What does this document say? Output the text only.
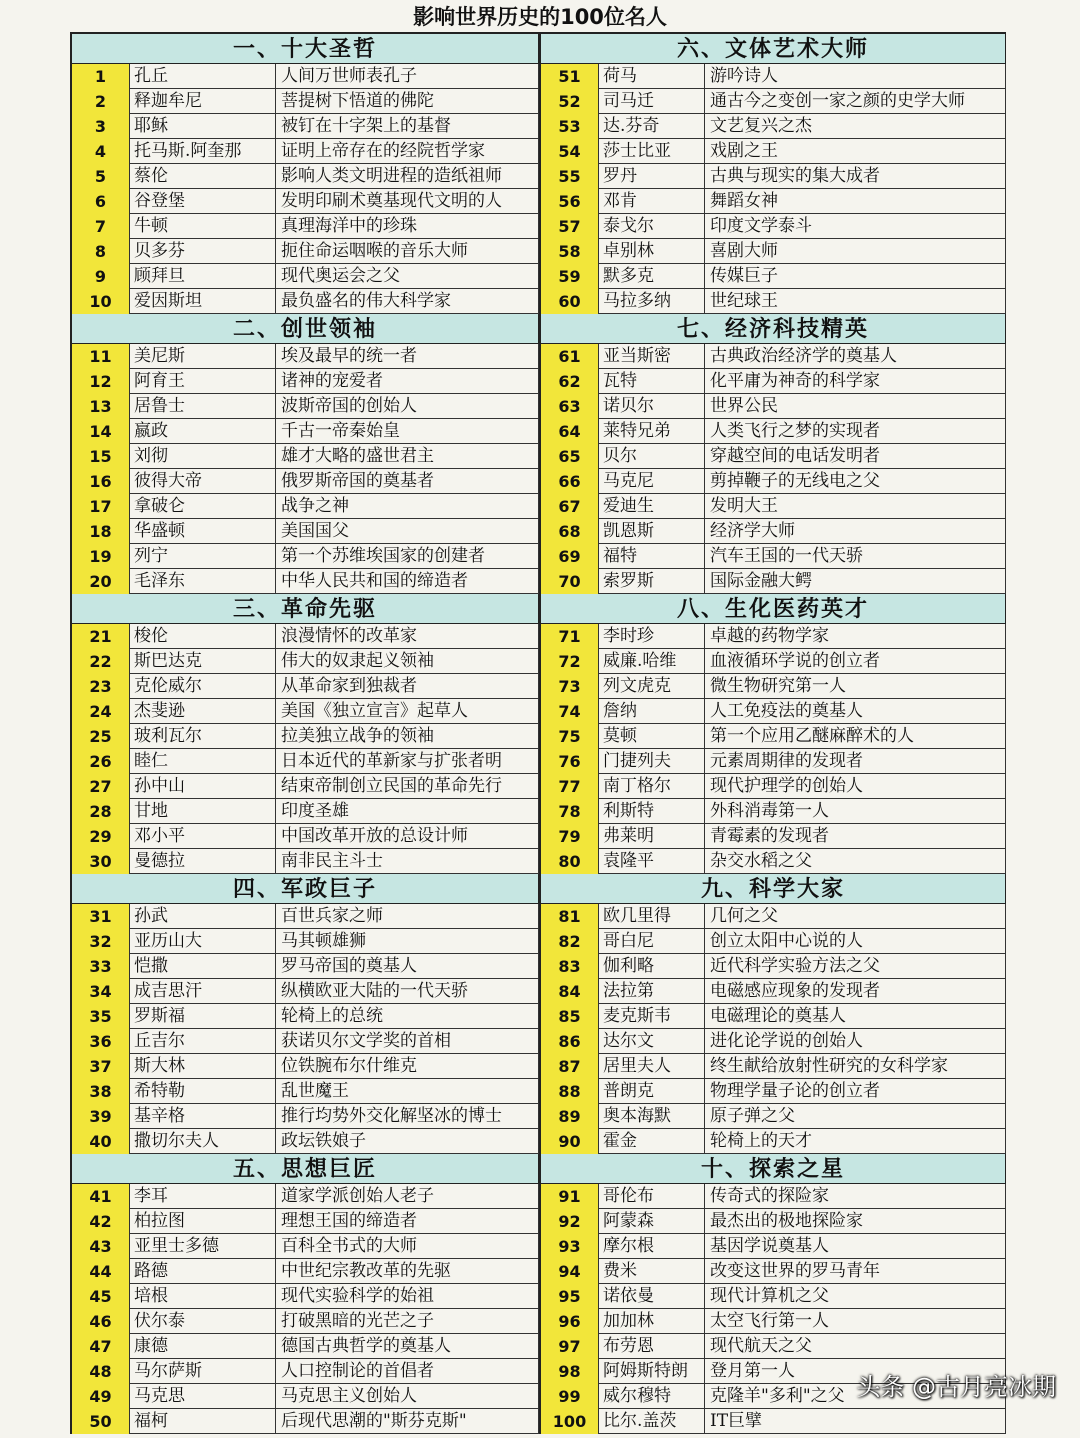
影响世界历史的100位名人
一、十大圣哲
1	孔丘	人间万世师表孔子
2	释迦牟尼	菩提树下悟道的佛陀
3	耶稣	被钉在十字架上的基督
4	托马斯.阿奎那	证明上帝存在的经院哲学家
5	蔡伦	影响人类文明进程的造纸祖师
6	谷登堡	发明印刷术奠基现代文明的人
7	牛顿	真理海洋中的珍珠
8	贝多芬	扼住命运咽喉的音乐大师
9	顾拜旦	现代奥运会之父
10	爱因斯坦	最负盛名的伟大科学家
二、创世领袖
11	美尼斯	埃及最早的统一者
12	阿育王	诸神的宠爱者
13	居鲁士	波斯帝国的创始人
14	嬴政	千古一帝秦始皇
15	刘彻	雄才大略的盛世君主
16	彼得大帝	俄罗斯帝国的奠基者
17	拿破仑	战争之神
18	华盛顿	美国国父
19	列宁	第一个苏维埃国家的创建者
20	毛泽东	中华人民共和国的缔造者
三、革命先驱
21	梭伦	浪漫情怀的改革家
22	斯巴达克	伟大的奴隶起义领袖
23	克伦威尔	从革命家到独裁者
24	杰斐逊	美国《独立宣言》起草人
25	玻利瓦尔	拉美独立战争的领袖
26	睦仁	日本近代的革新家与扩张者明
27	孙中山	结束帝制创立民国的革命先行
28	甘地	印度圣雄
29	邓小平	中国改革开放的总设计师
30	曼德拉	南非民主斗士
四、军政巨子
31	孙武	百世兵家之师
32	亚历山大	马其顿雄狮
33	恺撒	罗马帝国的奠基人
34	成吉思汗	纵横欧亚大陆的一代天骄
35	罗斯福	轮椅上的总统
36	丘吉尔	获诺贝尔文学奖的首相
37	斯大林	位铁腕布尔什维克
38	希特勒	乱世魔王
39	基辛格	推行均势外交化解坚冰的博士
40	撒切尔夫人	政坛铁娘子
五、思想巨匠
41	李耳	道家学派创始人老子
42	柏拉图	理想王国的缔造者
43	亚里士多德	百科全书式的大师
44	路德	中世纪宗教改革的先驱
45	培根	现代实验科学的始祖
46	伏尔泰	打破黑暗的光芒之子
47	康德	德国古典哲学的奠基人
48	马尔萨斯	人口控制论的首倡者
49	马克思	马克思主义创始人
50	福柯	后现代思潮的"斯芬克斯"
六、文体艺术大师
51	荷马	游吟诗人
52	司马迁	通古今之变创一家之颜的史学大师
53	达.芬奇	文艺复兴之杰
54	莎士比亚	戏剧之王
55	罗丹	古典与现实的集大成者
56	邓肯	舞蹈女神
57	泰戈尔	印度文学泰斗
58	卓别林	喜剧大师
59	默多克	传媒巨子
60	马拉多纳	世纪球王
七、经济科技精英
61	亚当斯密	古典政治经济学的奠基人
62	瓦特	化平庸为神奇的科学家
63	诺贝尔	世界公民
64	莱特兄弟	人类飞行之梦的实现者
65	贝尔	穿越空间的电话发明者
66	马克尼	剪掉鞭子的无线电之父
67	爱迪生	发明大王
68	凯恩斯	经济学大师
69	福特	汽车王国的一代天骄
70	索罗斯	国际金融大鳄
八、生化医药英才
71	李时珍	卓越的药物学家
72	威廉.哈维	血液循环学说的创立者
73	列文虎克	微生物研究第一人
74	詹纳	人工免疫法的奠基人
75	莫顿	第一个应用乙醚麻醉术的人
76	门捷列夫	元素周期律的发现者
77	南丁格尔	现代护理学的创始人
78	利斯特	外科消毒第一人
79	弗莱明	青霉素的发现者
80	袁隆平	杂交水稻之父
九、科学大家
81	欧几里得	几何之父
82	哥白尼	创立太阳中心说的人
83	伽利略	近代科学实验方法之父
84	法拉第	电磁感应现象的发现者
85	麦克斯韦	电磁理论的奠基人
86	达尔文	进化论学说的创始人
87	居里夫人	终生献给放射性研究的女科学家
88	普朗克	物理学量子论的创立者
89	奥本海默	原子弹之父
90	霍金	轮椅上的天才
十、探索之星
91	哥伦布	传奇式的探险家
92	阿蒙森	最杰出的极地探险家
93	摩尔根	基因学说奠基人
94	费米	改变这世界的罗马青年
95	诺依曼	现代计算机之父
96	加加林	太空飞行第一人
97	布劳恩	现代航天之父
98	阿姆斯特朗	登月第一人
99	威尔穆特	克隆羊"多利"之父
100 比尔.盖茨	IT巨擘
头条 @古月亮冰期
